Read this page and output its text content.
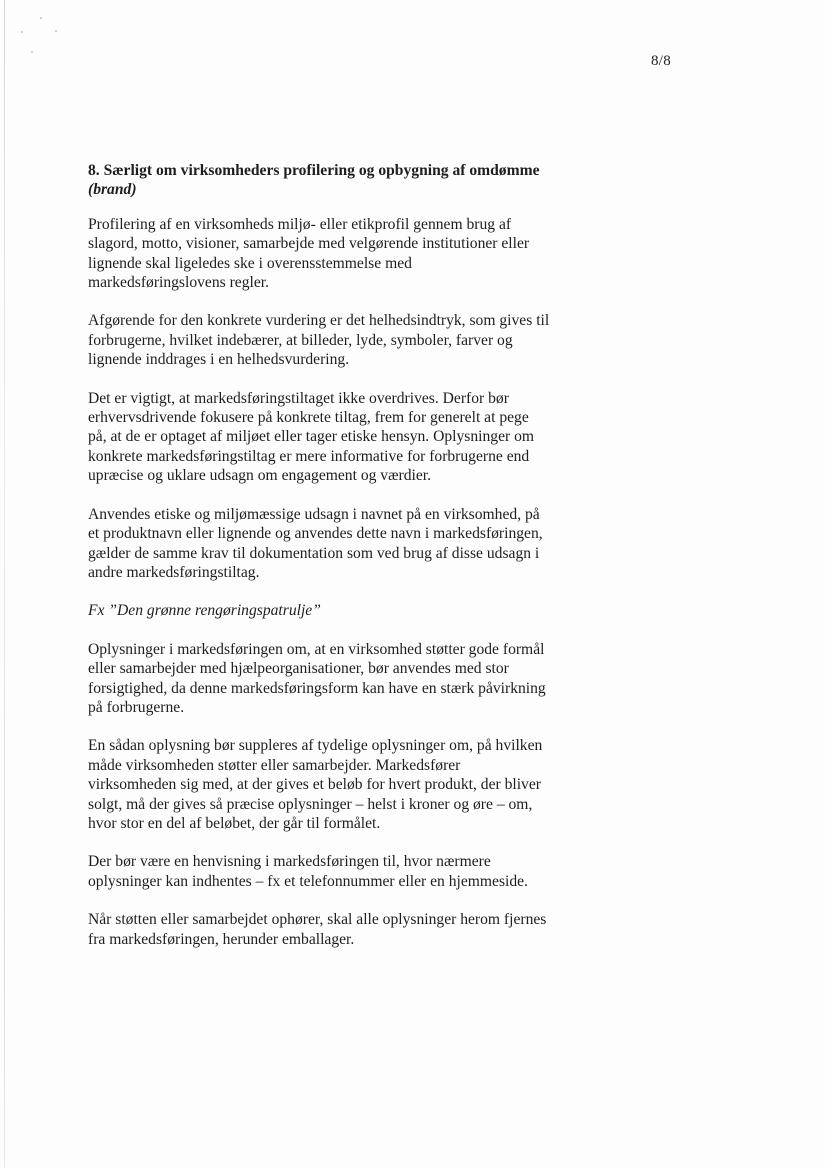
8/8
8. Særligt om virksomheders profilering og opbygning af omdømme
(brand)
Profilering af en virksomheds miljø- eller etikprofil gennem brug af
slagord, motto, visioner, samarbejde med velgørende institutioner eller
lignende skal ligeledes ske i overensstemmelse med
markedsføringslovens regler.
Afgørende for den konkrete vurdering er det helhedsindtryk, som gives til
forbrugerne, hvilket indebærer, at billeder, lyde, symboler, farver og
lignende inddrages i en helhedsvurdering.
Det er vigtigt, at markedsføringstiltaget ikke overdrives. Derfor bør
erhvervsdrivende fokusere på konkrete tiltag, frem for generelt at pege
på, at de er optaget af miljøet eller tager etiske hensyn. Oplysninger om
konkrete markedsføringstiltag er mere informative for forbrugerne end
upræcise og uklare udsagn om engagement og værdier.
Anvendes etiske og miljømæssige udsagn i navnet på en virksomhed, på
et produktnavn eller lignende og anvendes dette navn i markedsføringen,
gælder de samme krav til dokumentation som ved brug af disse udsagn i
andre markedsføringstiltag.
Fx ”Den grønne rengøringspatrulje”
Oplysninger i markedsføringen om, at en virksomhed støtter gode formål
eller samarbejder med hjælpeorganisationer, bør anvendes med stor
forsigtighed, da denne markedsføringsform kan have en stærk påvirkning
på forbrugerne.
En sådan oplysning bør suppleres af tydelige oplysninger om, på hvilken
måde virksomheden støtter eller samarbejder. Markedsfører
virksomheden sig med, at der gives et beløb for hvert produkt, der bliver
solgt, må der gives så præcise oplysninger – helst i kroner og øre – om,
hvor stor en del af beløbet, der går til formålet.
Der bør være en henvisning i markedsføringen til, hvor nærmere
oplysninger kan indhentes – fx et telefonnummer eller en hjemmeside.
Når støtten eller samarbejdet ophører, skal alle oplysninger herom fjernes
fra markedsføringen, herunder emballager.
